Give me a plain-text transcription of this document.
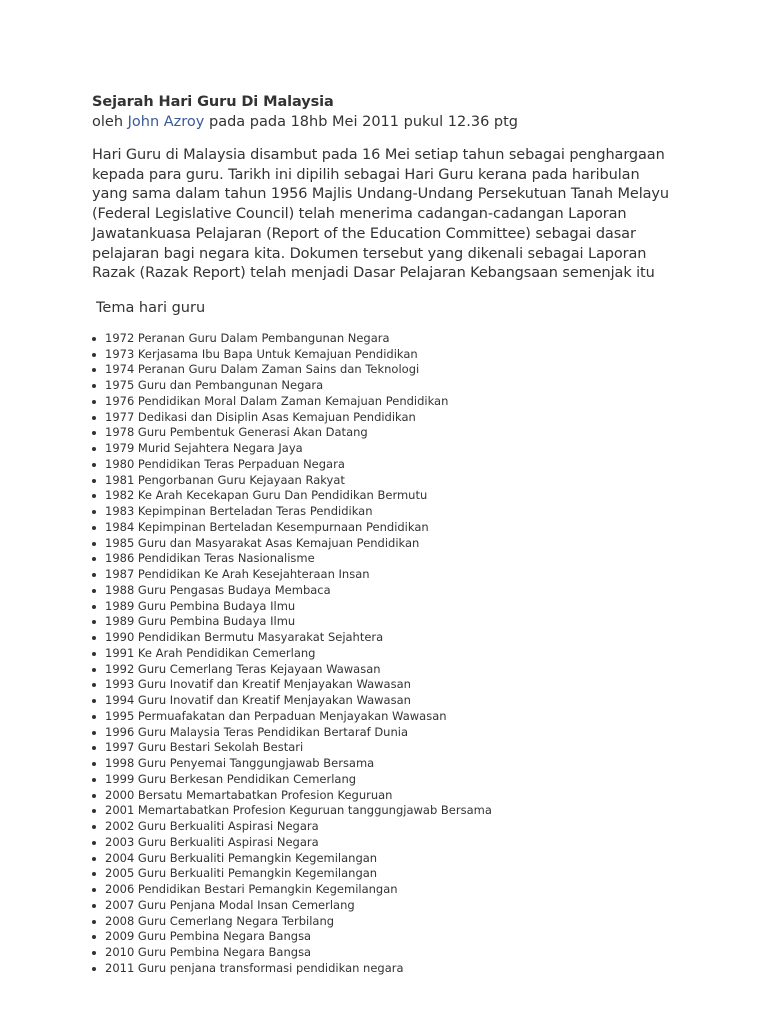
Sejarah Hari Guru Di Malaysia

oleh John Azroy pada pada 18hb Mei 2011 pukul 12.36 ptg

Hari Guru di Malaysia disambut pada 16 Mei setiap tahun sebagai penghargaan kepada para guru. Tarikh ini dipilih sebagai Hari Guru kerana pada haribulan yang sama dalam tahun 1956 Majlis Undang-Undang Persekutuan Tanah Melayu (Federal Legislative Council) telah menerima cadangan-cadangan Laporan Jawatankuasa Pelajaran (Report of the Education Committee) sebagai dasar pelajaran bagi negara kita. Dokumen tersebut yang dikenali sebagai Laporan Razak (Razak Report) telah menjadi Dasar Pelajaran Kebangsaan semenjak itu

Tema hari guru
1972 Peranan Guru Dalam Pembangunan Negara
1973 Kerjasama Ibu Bapa Untuk Kemajuan Pendidikan
1974 Peranan Guru Dalam Zaman Sains dan Teknologi
1975 Guru dan Pembangunan Negara
1976 Pendidikan Moral Dalam Zaman Kemajuan Pendidikan
1977 Dedikasi dan Disiplin Asas Kemajuan Pendidikan
1978 Guru Pembentuk Generasi Akan Datang
1979 Murid Sejahtera Negara Jaya
1980 Pendidikan Teras Perpaduan Negara
1981 Pengorbanan Guru Kejayaan Rakyat
1982 Ke Arah Kecekapan Guru Dan Pendidikan Bermutu
1983 Kepimpinan Berteladan Teras Pendidikan
1984 Kepimpinan Berteladan Kesempurnaan Pendidikan
1985 Guru dan Masyarakat Asas Kemajuan Pendidikan
1986 Pendidikan Teras Nasionalisme
1987 Pendidikan Ke Arah Kesejahteraan Insan
1988 Guru Pengasas Budaya Membaca
1989 Guru Pembina Budaya Ilmu
1989 Guru Pembina Budaya Ilmu
1990 Pendidikan Bermutu Masyarakat Sejahtera
1991 Ke Arah Pendidikan Cemerlang
1992 Guru Cemerlang Teras Kejayaan Wawasan
1993 Guru Inovatif dan Kreatif Menjayakan Wawasan
1994 Guru Inovatif dan Kreatif Menjayakan Wawasan
1995 Permuafakatan dan Perpaduan Menjayakan Wawasan
1996 Guru Malaysia Teras Pendidikan Bertaraf Dunia
1997 Guru Bestari Sekolah Bestari
1998 Guru Penyemai Tanggungjawab Bersama
1999 Guru Berkesan Pendidikan Cemerlang
2000 Bersatu Memartabatkan Profesion Keguruan
2001 Memartabatkan Profesion Keguruan tanggungjawab Bersama
2002 Guru Berkualiti Aspirasi Negara
2003 Guru Berkualiti Aspirasi Negara
2004 Guru Berkualiti Pemangkin Kegemilangan
2005 Guru Berkualiti Pemangkin Kegemilangan
2006 Pendidikan Bestari Pemangkin Kegemilangan
2007 Guru Penjana Modal Insan Cemerlang
2008 Guru Cemerlang Negara Terbilang
2009 Guru Pembina Negara Bangsa
2010 Guru Pembina Negara Bangsa
2011 Guru penjana transformasi pendidikan negara
